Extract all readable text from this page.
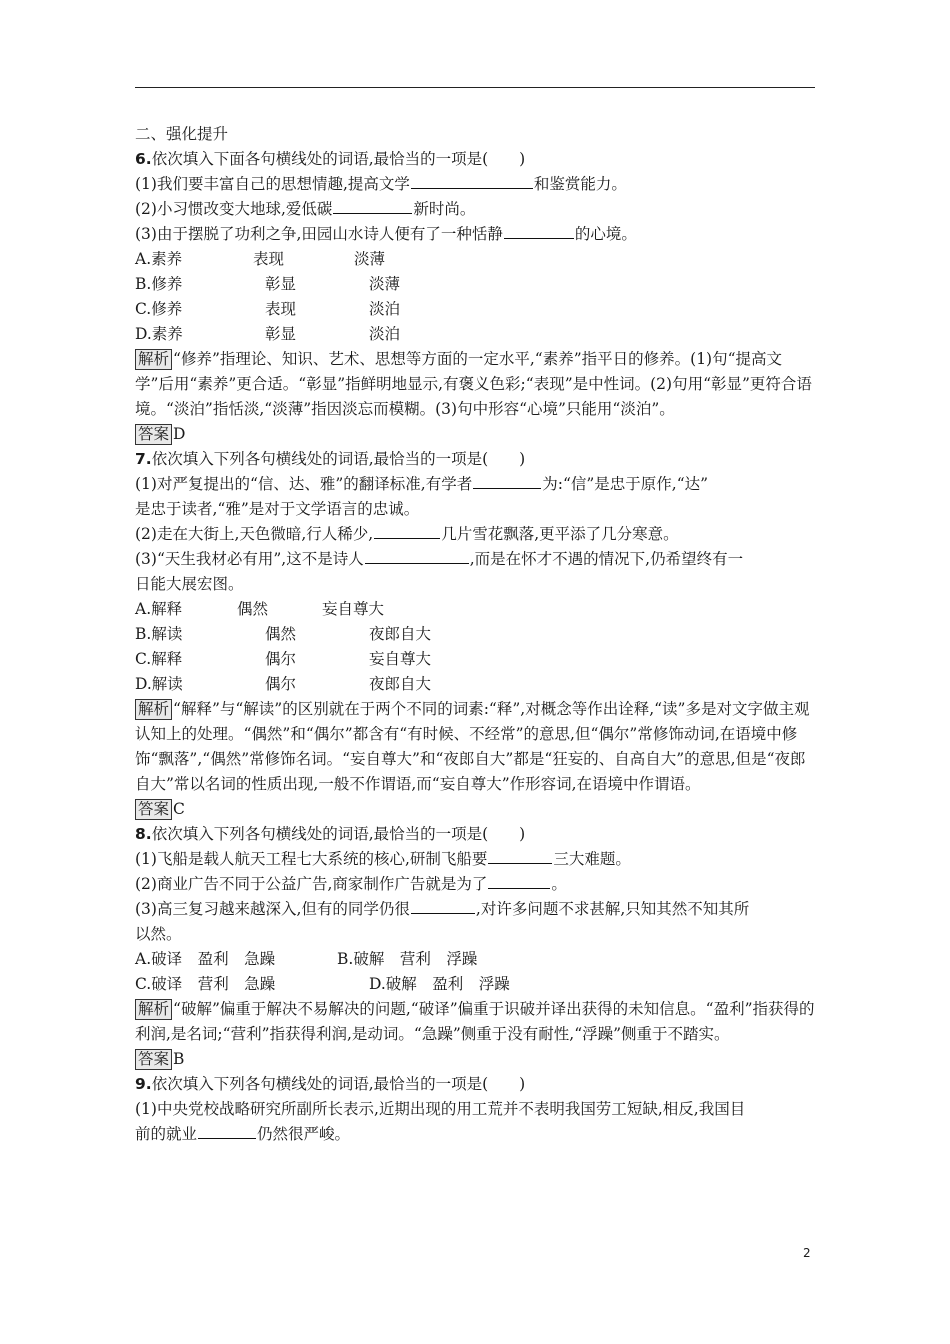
二、强化提升
6.依次填入下面各句横线处的词语,最恰当的一项是(　　)
(1)我们要丰富自己的思想情趣,提高文学	和鉴赏能力。
(2)小习惯改变大地球,爱低碳	新时尚。
(3)由于摆脱了功利之争,田园山水诗人便有了一种恬静	的心境。
A.素养	表现	淡薄
B.修养	彰显	淡薄
C.修养	表现	淡泊
D.素养	彰显	淡泊
解析 “修养”指理论、知识、艺术、思想等方面的一定水平,“素养”指平日的修养。(1)句“提高文学”后用“素养”更合适。“彰显”指鲜明地显示,有褒义色彩;“表现”是中性词。(2)句用“彰显”更符合语境。“淡泊”指恬淡,“淡薄”指因淡忘而模糊。(3)句中形容“心境”只能用“淡泊”。
答案 D
7.依次填入下列各句横线处的词语,最恰当的一项是(　　)
(1)对严复提出的“信、达、雅”的翻译标准,有学者	为:“信”是忠于原作,“达”
是忠于读者,“雅”是对于文学语言的忠诚。
(2)走在大街上,天色微暗,行人稀少,	几片雪花飘落,更平添了几分寒意。
(3)“天生我材必有用”,这不是诗人	,而是在怀才不遇的情况下,仍希望终有一
日能大展宏图。
A.解释	偶然	妄自尊大
B.解读	偶然	夜郎自大
C.解释	偶尔	妄自尊大
D.解读	偶尔	夜郎自大
解析 “解释”与“解读”的区别就在于两个不同的词素:“释”,对概念等作出诠释,“读”多是对文字做主观认知上的处理。“偶然”和“偶尔”都含有“有时候、不经常”的意思,但“偶尔”常修饰动词,在语境中修饰“飘落”,“偶然”常修饰名词。“妄自尊大”和“夜郎自大”都是“狂妄的、自高自大”的意思,但是“夜郎自大”常以名词的性质出现,一般不作谓语,而“妄自尊大”作形容词,在语境中作谓语。
答案 C
8.依次填入下列各句横线处的词语,最恰当的一项是(　　)
(1)飞船是载人航天工程七大系统的核心,研制飞船要	三大难题。
(2)商业广告不同于公益广告,商家制作广告就是为了	。
(3)高三复习越来越深入,但有的同学仍很	,对许多问题不求甚解,只知其然不知其所
以然。
A.破译　盈利　急躁	B.破解　营利　浮躁
C.破译　营利　急躁	D.破解　盈利　浮躁
解析 “破解”偏重于解决不易解决的问题,“破译”偏重于识破并译出获得的未知信息。“盈利”指获得的利润,是名词;“营利”指获得利润,是动词。“急躁”侧重于没有耐性,“浮躁”侧重于不踏实。
答案 B
9.依次填入下列各句横线处的词语,最恰当的一项是(　　)
(1)中央党校战略研究所副所长表示,近期出现的用工荒并不表明我国劳工短缺,相反,我国目
前的就业	仍然很严峻。
2
